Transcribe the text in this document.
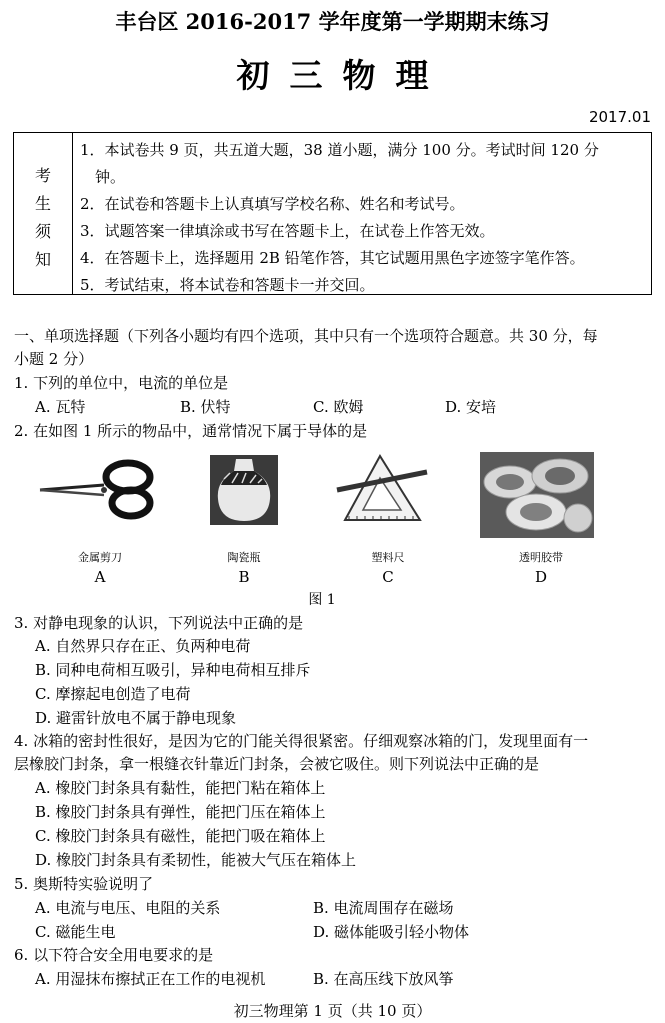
丰台区 2016-2017 学年度第一学期期末练习
初三物理
2017.01
考
生
须
知
1．本试卷共 9 页，共五道大题，38 道小题，满分 100 分。考试时间 120 分
钟。
2．在试卷和答题卡上认真填写学校名称、姓名和考试号。
3．试题答案一律填涂或书写在答题卡上，在试卷上作答无效。
4．在答题卡上，选择题用 2B 铅笔作答，其它试题用黑色字迹签字笔作答。
5．考试结束，将本试卷和答题卡一并交回。
一、单项选择题（下列各小题均有四个选项，其中只有一个选项符合题意。共 30 分，每
小题 2 分）
1. 下列的单位中，电流的单位是
A. 瓦特	B. 伏特	C. 欧姆	D. 安培
2. 在如图 1 所示的物品中，通常情况下属于导体的是
金属剪刀
A
陶瓷瓶
B
塑料尺
C
透明胶带
D
图 1
3. 对静电现象的认识，下列说法中正确的是
A. 自然界只存在正、负两种电荷
B. 同种电荷相互吸引，异种电荷相互排斥
C. 摩擦起电创造了电荷
D. 避雷针放电不属于静电现象
4. 冰箱的密封性很好，是因为它的门能关得很紧密。仔细观察冰箱的门，发现里面有一
层橡胶门封条，拿一根缝衣针靠近门封条，会被它吸住。则下列说法中正确的是
A. 橡胶门封条具有黏性，能把门粘在箱体上
B. 橡胶门封条具有弹性，能把门压在箱体上
C. 橡胶门封条具有磁性，能把门吸在箱体上
D. 橡胶门封条具有柔韧性，能被大气压在箱体上
5. 奥斯特实验说明了
A. 电流与电压、电阻的关系	B. 电流周围存在磁场
C. 磁能生电	D. 磁体能吸引轻小物体
6. 以下符合安全用电要求的是
A. 用湿抹布擦拭正在工作的电视机	B. 在高压线下放风筝
初三物理第 1 页（共 10 页）
